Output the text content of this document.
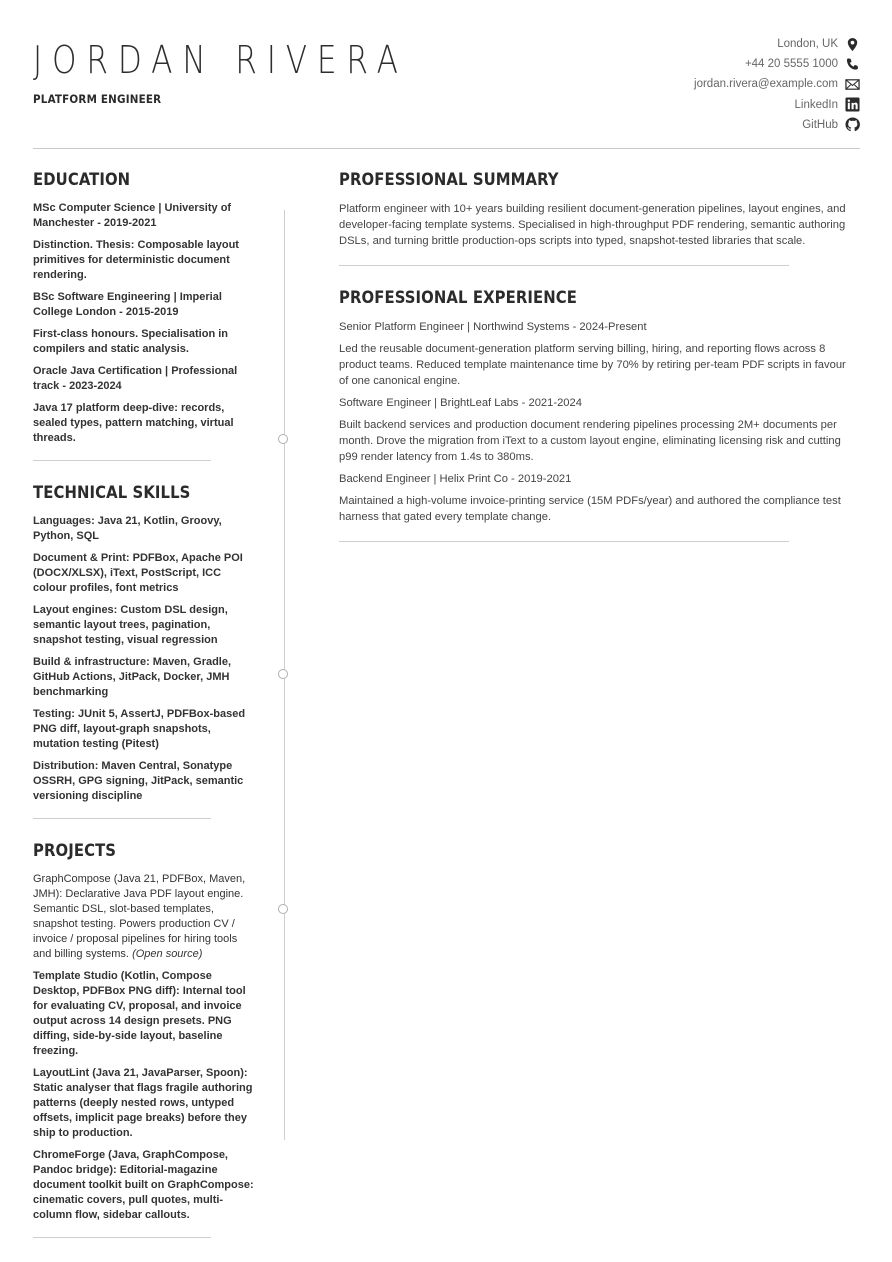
JORDAN RIVERA
PLATFORM ENGINEER
London, UK
+44 20 5555 1000
jordan.rivera@example.com
LinkedIn
GitHub
EDUCATION

MSc Computer Science | University of Manchester - 2019-2021

Distinction. Thesis: Composable layout primitives for deterministic document rendering.

BSc Software Engineering | Imperial College London - 2015-2019

First-class honours. Specialisation in compilers and static analysis.

Oracle Java Certification | Professional track - 2023-2024

Java 17 platform deep-dive: records, sealed types, pattern matching, virtual threads.

TECHNICAL SKILLS

Languages: Java 21, Kotlin, Groovy, Python, SQL

Document & Print: PDFBox, Apache POI (DOCX/XLSX), iText, PostScript, ICC colour profiles, font metrics

Layout engines: Custom DSL design, semantic layout trees, pagination, snapshot testing, visual regression

Build & infrastructure: Maven, Gradle, GitHub Actions, JitPack, Docker, JMH benchmarking

Testing: JUnit 5, AssertJ, PDFBox-based PNG diff, layout-graph snapshots, mutation testing (Pitest)

Distribution: Maven Central, Sonatype OSSRH, GPG signing, JitPack, semantic versioning discipline

PROJECTS

GraphCompose (Java 21, PDFBox, Maven, JMH): Declarative Java PDF layout engine. Semantic DSL, slot-based templates, snapshot testing. Powers production CV / invoice / proposal pipelines for hiring tools and billing systems. (Open source)

Template Studio (Kotlin, Compose Desktop, PDFBox PNG diff): Internal tool for evaluating CV, proposal, and invoice output across 14 design presets. PNG diffing, side-by-side layout, baseline freezing.

LayoutLint (Java 21, JavaParser, Spoon): Static analyser that flags fragile authoring patterns (deeply nested rows, untyped offsets, implicit page breaks) before they ship to production.

ChromeForge (Java, GraphCompose, Pandoc bridge): Editorial-magazine document toolkit built on GraphCompose: cinematic covers, pull quotes, multi-column flow, sidebar callouts.

PROFESSIONAL SUMMARY

Platform engineer with 10+ years building resilient document-generation pipelines, layout engines, and developer-facing template systems. Specialised in high-throughput PDF rendering, semantic authoring DSLs, and turning brittle production-ops scripts into typed, snapshot-tested libraries that scale.

PROFESSIONAL EXPERIENCE

Senior Platform Engineer | Northwind Systems - 2024-Present

Led the reusable document-generation platform serving billing, hiring, and reporting flows across 8 product teams. Reduced template maintenance time by 70% by retiring per-team PDF scripts in favour of one canonical engine.

Software Engineer | BrightLeaf Labs - 2021-2024

Built backend services and production document rendering pipelines processing 2M+ documents per month. Drove the migration from iText to a custom layout engine, eliminating licensing risk and cutting p99 render latency from 1.4s to 380ms.

Backend Engineer | Helix Print Co - 2019-2021

Maintained a high-volume invoice-printing service (15M PDFs/year) and authored the compliance test harness that gated every template change.
